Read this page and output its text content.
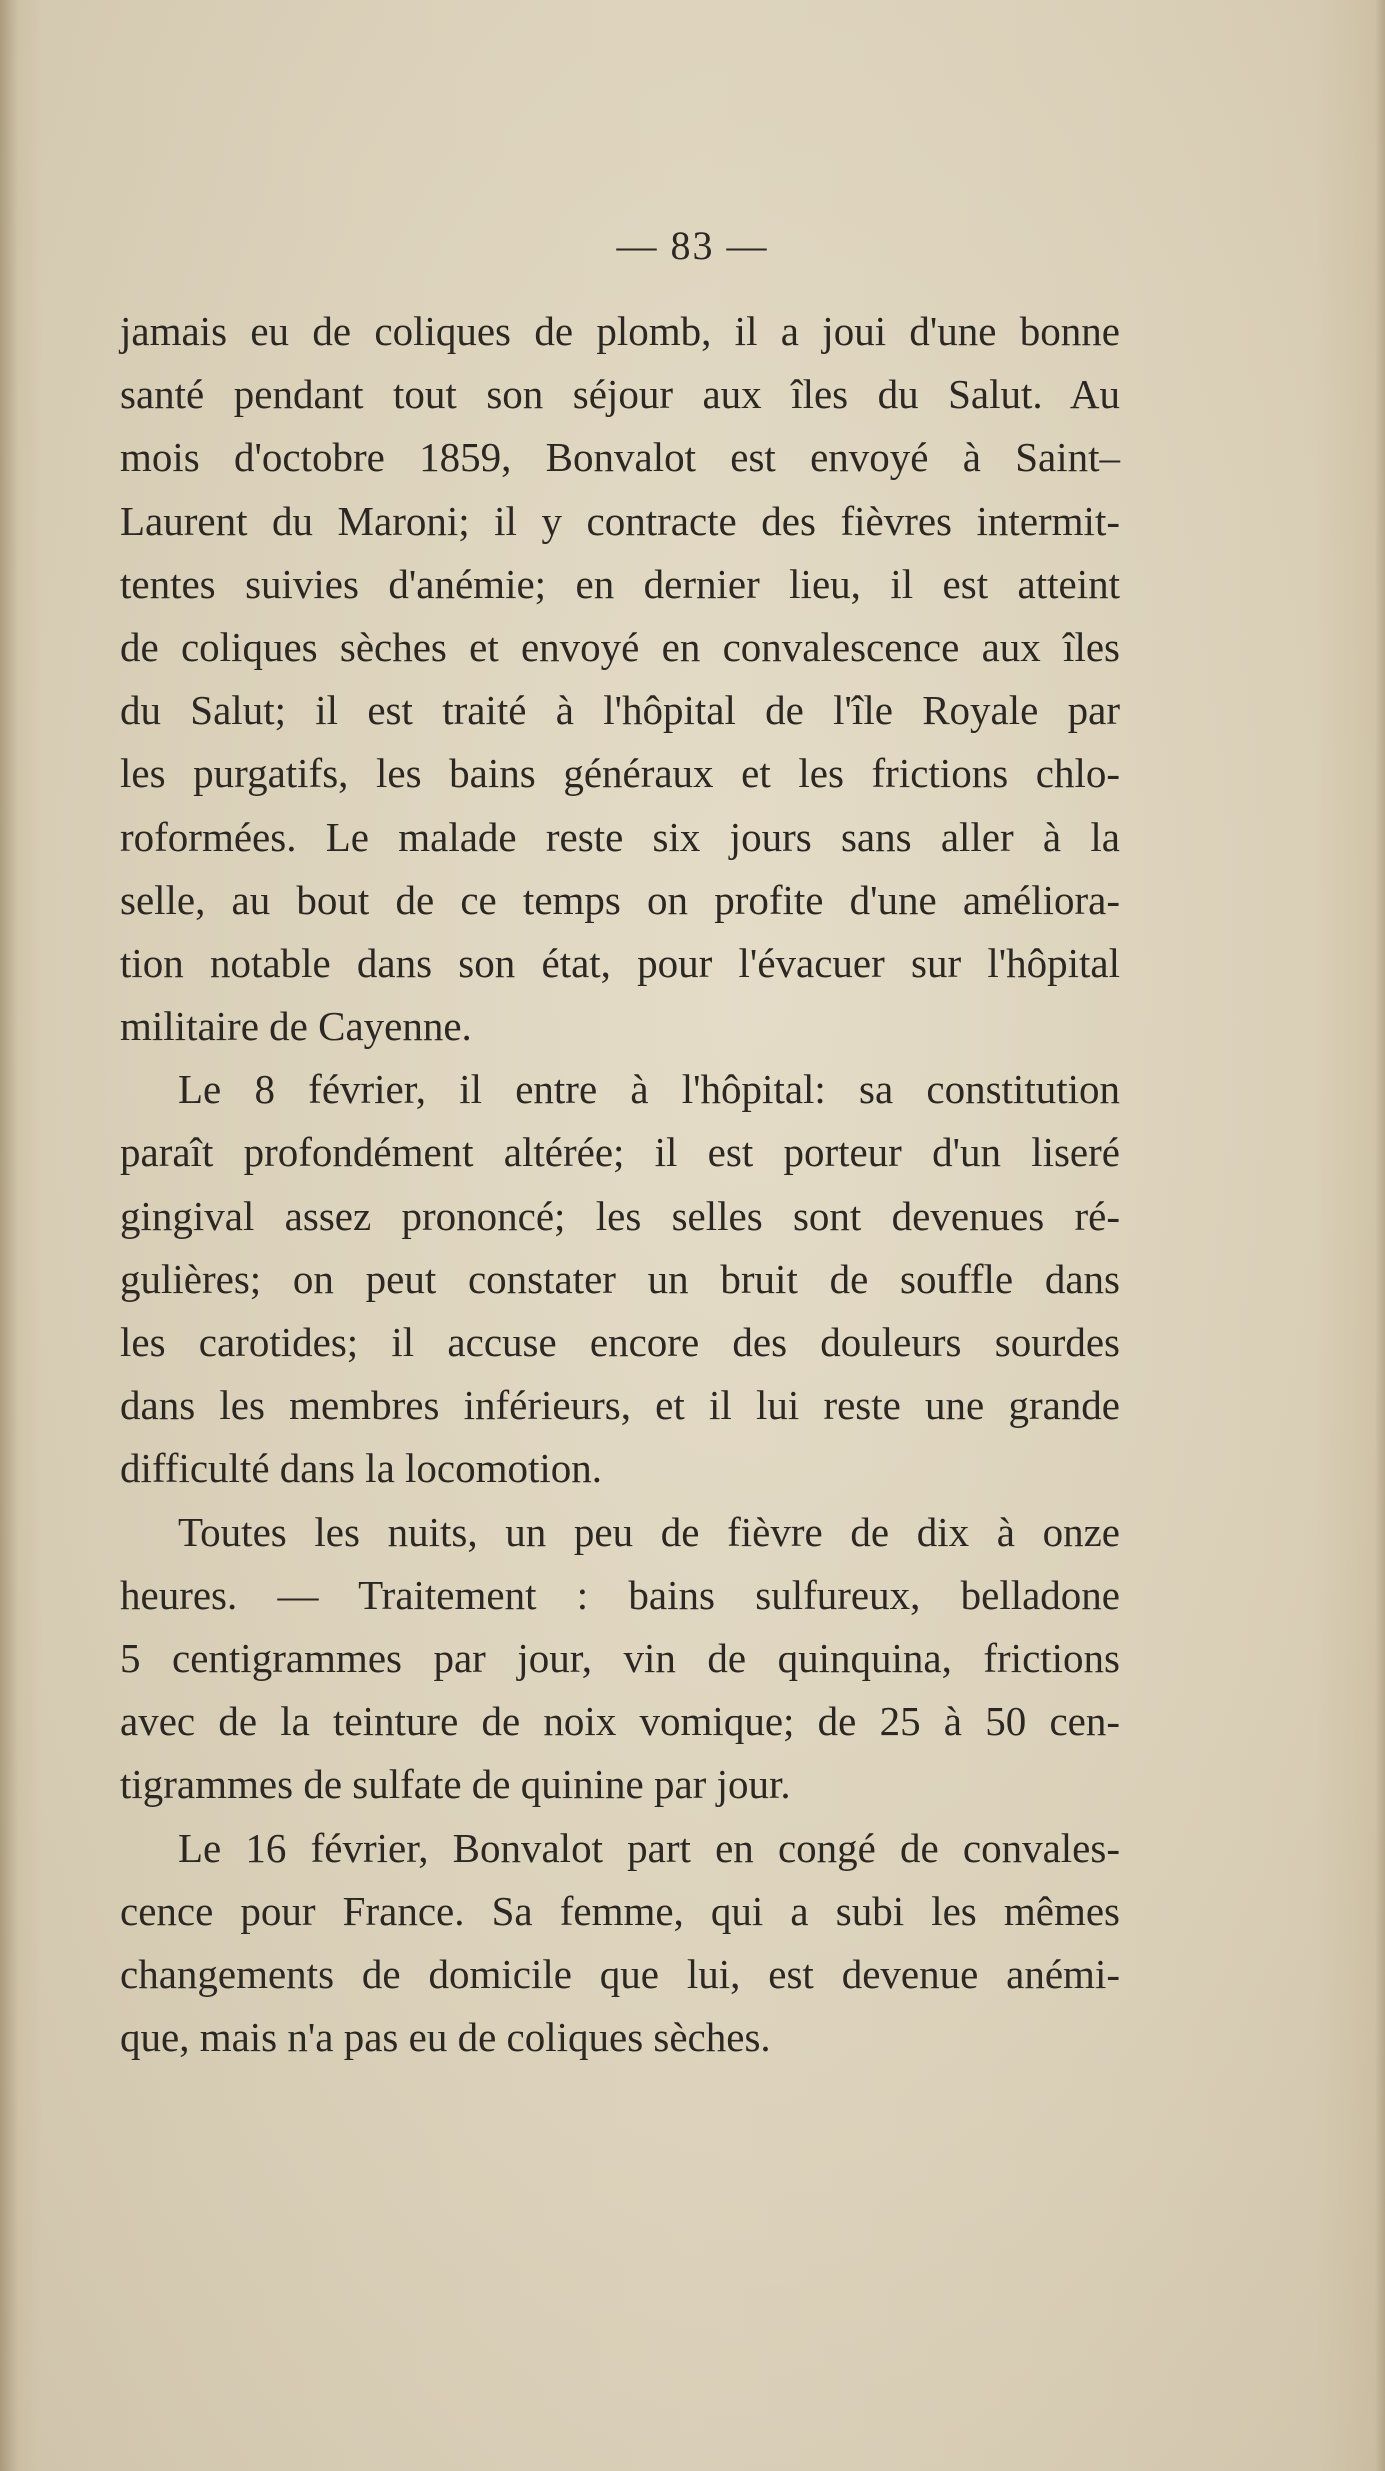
— 83 —
jamais eu de coliques de plomb, il a joui d'une bonne
santé pendant tout son séjour aux îles du Salut. Au
mois d'octobre 1859, Bonvalot est envoyé à Saint–
Laurent du Maroni; il y contracte des fièvres intermit-
tentes suivies d'anémie; en dernier lieu, il est atteint
de coliques sèches et envoyé en convalescence aux îles
du Salut; il est traité à l'hôpital de l'île Royale par
les purgatifs, les bains généraux et les frictions chlo-
roformées. Le malade reste six jours sans aller à la
selle, au bout de ce temps on profite d'une améliora-
tion notable dans son état, pour l'évacuer sur l'hôpital
militaire de Cayenne.
Le 8 février, il entre à l'hôpital: sa constitution
paraît profondément altérée; il est porteur d'un liseré
gingival assez prononcé; les selles sont devenues ré-
gulières; on peut constater un bruit de souffle dans
les carotides; il accuse encore des douleurs sourdes
dans les membres inférieurs, et il lui reste une grande
difficulté dans la locomotion.
Toutes les nuits, un peu de fièvre de dix à onze
heures. — Traitement : bains sulfureux, belladone
5 centigrammes par jour, vin de quinquina, frictions
avec de la teinture de noix vomique; de 25 à 50 cen-
tigrammes de sulfate de quinine par jour.
Le 16 février, Bonvalot part en congé de convales-
cence pour France. Sa femme, qui a subi les mêmes
changements de domicile que lui, est devenue anémi-
que, mais n'a pas eu de coliques sèches.
